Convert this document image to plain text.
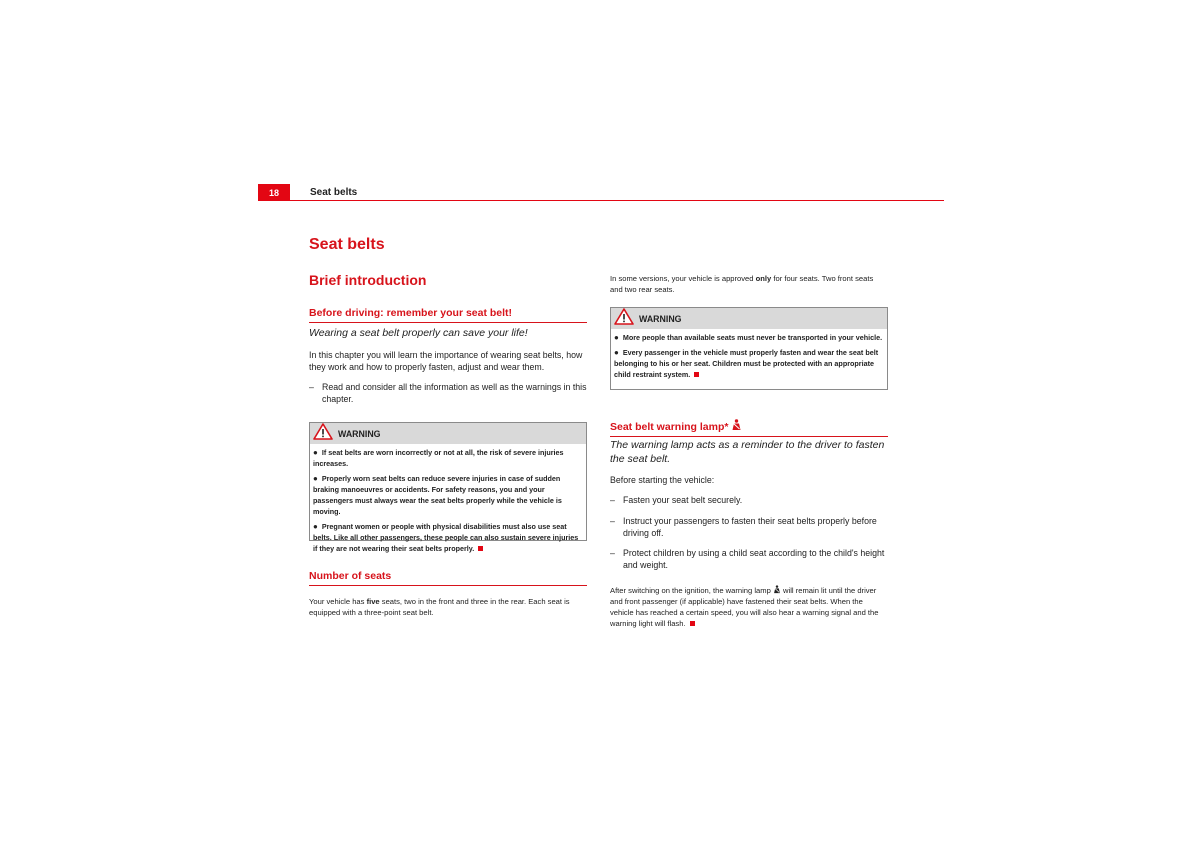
18	Seat belts
Seat belts
Brief introduction
Before driving: remember your seat belt!

Wearing a seat belt properly can save your life!

In this chapter you will learn the importance of wearing seat belts, how they work and how to properly fasten, adjust and wear them.

– Read and consider all the information as well as the warnings in this chapter.

WARNING
● If seat belts are worn incorrectly or not at all, the risk of severe injuries increases.
● Properly worn seat belts can reduce severe injuries in case of sudden braking manoeuvres or accidents. For safety reasons, you and your passengers must always wear the seat belts properly while the vehicle is moving.
● Pregnant women or people with physical disabilities must also use seat belts. Like all other passengers, these people can also sustain severe injuries if they are not wearing their seat belts properly.
Number of seats

Your vehicle has five seats, two in the front and three in the rear. Each seat is equipped with a three-point seat belt.

In some versions, your vehicle is approved only for four seats. Two front seats and two rear seats.

WARNING
● More people than available seats must never be transported in your vehicle.
● Every passenger in the vehicle must properly fasten and wear the seat belt belonging to his or her seat. Children must be protected with an appropriate child restraint system.
Seat belt warning lamp*

The warning lamp acts as a reminder to the driver to fasten the seat belt.

Before starting the vehicle:

– Fasten your seat belt securely.

– Instruct your passengers to fasten their seat belts properly before driving off.

– Protect children by using a child seat according to the child's height and weight.

After switching on the ignition, the warning lamp  will remain lit until the driver and front passenger (if applicable) have fastened their seat belts. When the vehicle has reached a certain speed, you will also hear a warning signal and the warning light will flash.
